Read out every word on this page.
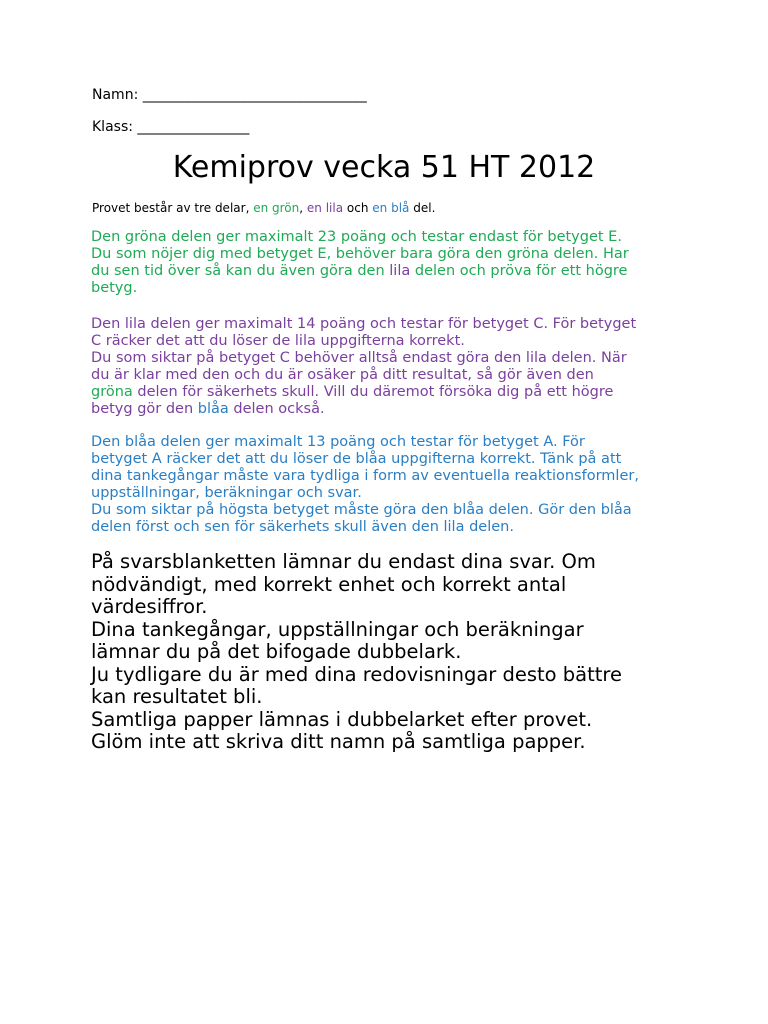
Namn: ________________________________
Klass: ________________
Kemiprov vecka 51 HT 2012
Provet består av tre delar, en grön, en lila och en blå del.
Den gröna delen ger maximalt 23 poäng och testar endast för betyget E.
Du som nöjer dig med betyget E, behöver bara göra den gröna delen. Har
du sen tid över så kan du även göra den lila delen och pröva för ett högre
betyg.
Den lila delen ger maximalt 14 poäng och testar för betyget C. För betyget
C räcker det att du löser de lila uppgifterna korrekt.
Du som siktar på betyget C behöver alltså endast göra den lila delen. När
du är klar med den och du är osäker på ditt resultat, så gör även den
gröna delen för säkerhets skull. Vill du däremot försöka dig på ett högre
betyg gör den blåa delen också.
Den blåa delen ger maximalt 13 poäng och testar för betyget A. För
betyget A räcker det att du löser de blåa uppgifterna korrekt. Tänk på att
dina tankegångar måste vara tydliga i form av eventuella reaktionsformler,
uppställningar, beräkningar och svar.
Du som siktar på högsta betyget måste göra den blåa delen. Gör den blåa
delen först och sen för säkerhets skull även den lila delen.
På svarsblanketten lämnar du endast dina svar. Om
nödvändigt, med korrekt enhet och korrekt antal
värdesiffror.
Dina tankegångar, uppställningar och beräkningar
lämnar du på det bifogade dubbelark.
Ju tydligare du är med dina redovisningar desto bättre
kan resultatet bli.
Samtliga papper lämnas i dubbelarket efter provet.
Glöm inte att skriva ditt namn på samtliga papper.
